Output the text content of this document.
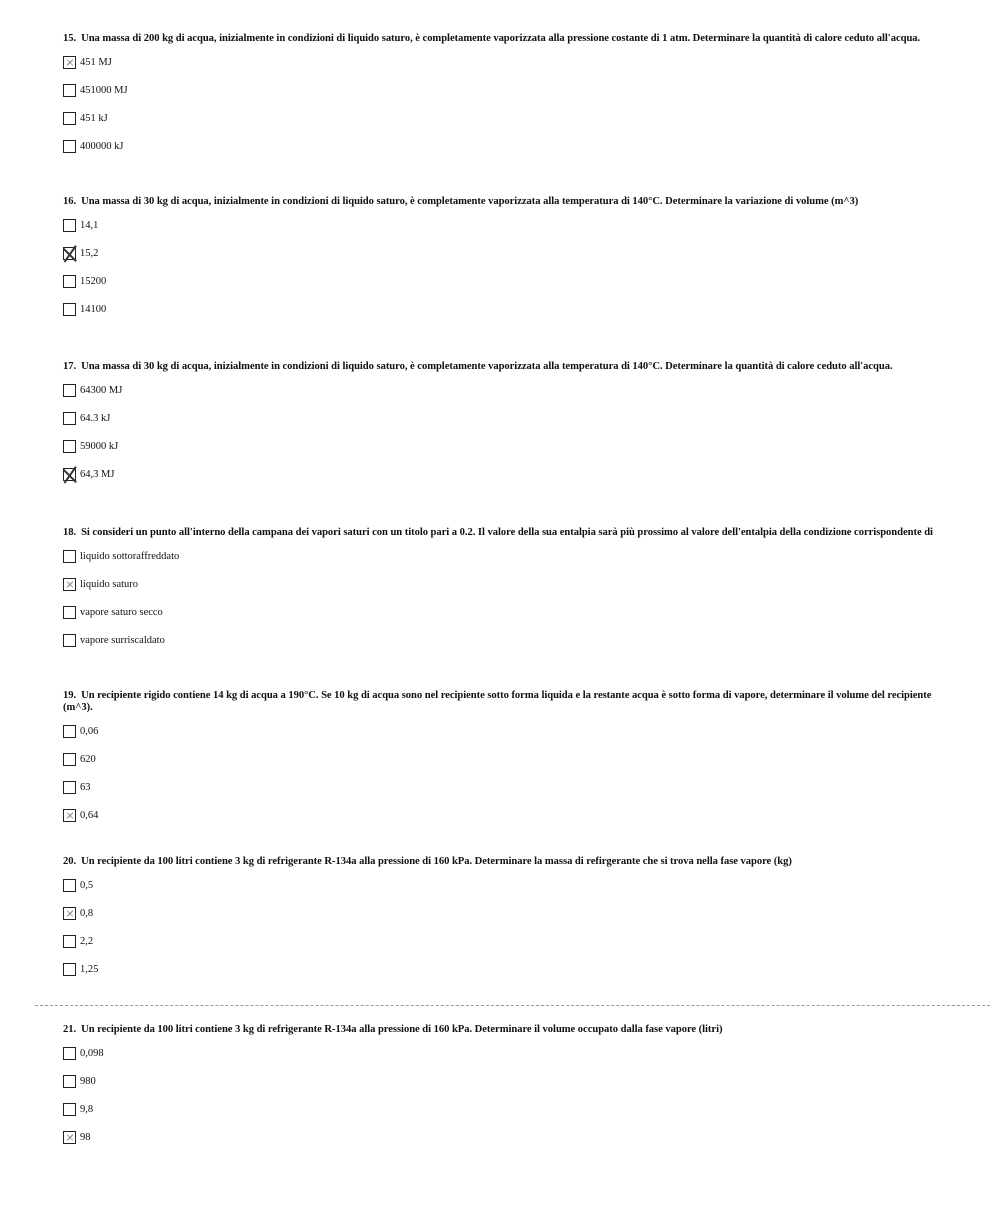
15. Una massa di 200 kg di acqua, inizialmente in condizioni di liquido saturo, è completamente vaporizzata alla pressione costante di 1 atm. Determinare la quantità di calore ceduto all'acqua.

451 MJ
451000 MJ
451 kJ
400000 kJ

16. Una massa di 30 kg di acqua, inizialmente in condizioni di liquido saturo, è completamente vaporizzata alla temperatura di 140°C. Determinare la variazione di volume (m^3)

14,1
15,2
15200
14100

17. Una massa di 30 kg di acqua, inizialmente in condizioni di liquido saturo, è completamente vaporizzata alla temperatura di 140°C. Determinare la quantità di calore ceduto all'acqua.

64300 MJ
64.3 kJ
59000 kJ
64,3 MJ

18. Si consideri un punto all'interno della campana dei vapori saturi con un titolo pari a 0.2. Il valore della sua entalpia sarà più prossimo al valore dell'entalpia della condizione corrispondente di

liquido sottoraffreddato
liquido saturo
vapore saturo secco
vapore surriscaldato

19. Un recipiente rigido contiene 14 kg di acqua a 190°C. Se 10 kg di acqua sono nel recipiente sotto forma liquida e la restante acqua è sotto forma di vapore, determinare il volume del recipiente (m^3).

0,06
620
63
0,64

20. Un recipiente da 100 litri contiene 3 kg di refrigerante R-134a alla pressione di 160 kPa. Determinare la massa di refirgerante che si trova nella fase vapore (kg)

0,5
0,8
2,2
1,25

21. Un recipiente da 100 litri contiene 3 kg di refrigerante R-134a alla pressione di 160 kPa. Determinare il volume occupato dalla fase vapore (litri)

0,098
980
9,8
98
